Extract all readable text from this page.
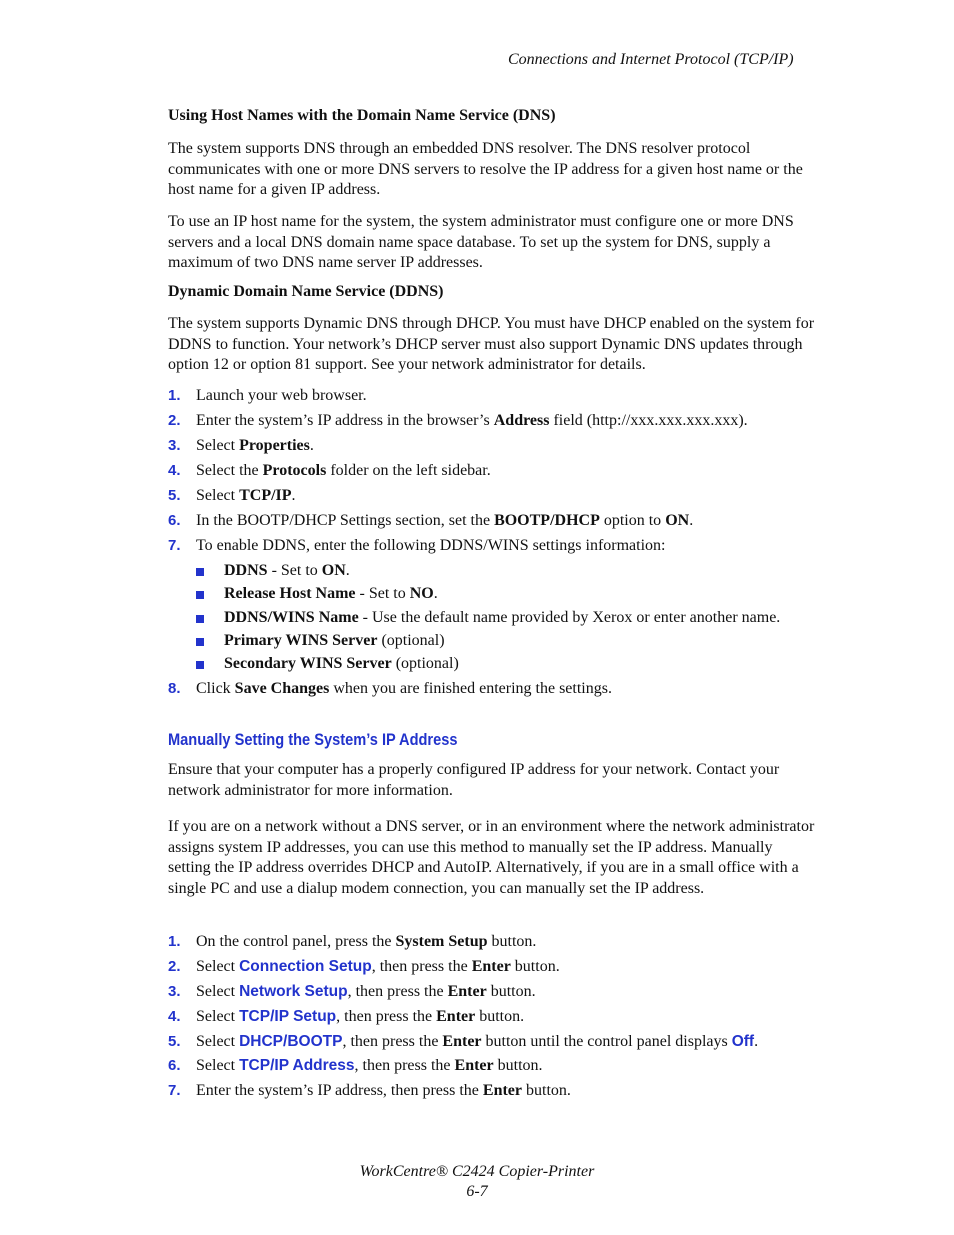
Connections and Internet Protocol (TCP/IP)
Using Host Names with the Domain Name Service (DNS)
The system supports DNS through an embedded DNS resolver. The DNS resolver protocol communicates with one or more DNS servers to resolve the IP address for a given host name or the host name for a given IP address.
To use an IP host name for the system, the system administrator must configure one or more DNS servers and a local DNS domain name space database. To set up the system for DNS, supply a maximum of two DNS name server IP addresses.
Dynamic Domain Name Service (DDNS)
The system supports Dynamic DNS through DHCP. You must have DHCP enabled on the system for DDNS to function. Your network’s DHCP server must also support Dynamic DNS updates through option 12 or option 81 support. See your network administrator for details.
1. Launch your web browser.
2. Enter the system’s IP address in the browser’s Address field (http://xxx.xxx.xxx.xxx).
3. Select Properties.
4. Select the Protocols folder on the left sidebar.
5. Select TCP/IP.
6. In the BOOTP/DHCP Settings section, set the BOOTP/DHCP option to ON.
7. To enable DDNS, enter the following DDNS/WINS settings information:
DDNS - Set to ON.
Release Host Name - Set to NO.
DDNS/WINS Name - Use the default name provided by Xerox or enter another name.
Primary WINS Server (optional)
Secondary WINS Server (optional)
8. Click Save Changes when you are finished entering the settings.
Manually Setting the System’s IP Address
Ensure that your computer has a properly configured IP address for your network. Contact your network administrator for more information.
If you are on a network without a DNS server, or in an environment where the network administrator assigns system IP addresses, you can use this method to manually set the IP address. Manually setting the IP address overrides DHCP and AutoIP. Alternatively, if you are in a small office with a single PC and use a dialup modem connection, you can manually set the IP address.
1. On the control panel, press the System Setup button.
2. Select Connection Setup, then press the Enter button.
3. Select Network Setup, then press the Enter button.
4. Select TCP/IP Setup, then press the Enter button.
5. Select DHCP/BOOTP, then press the Enter button until the control panel displays Off.
6. Select TCP/IP Address, then press the Enter button.
7. Enter the system’s IP address, then press the Enter button.
WorkCentre® C2424 Copier-Printer
6-7
